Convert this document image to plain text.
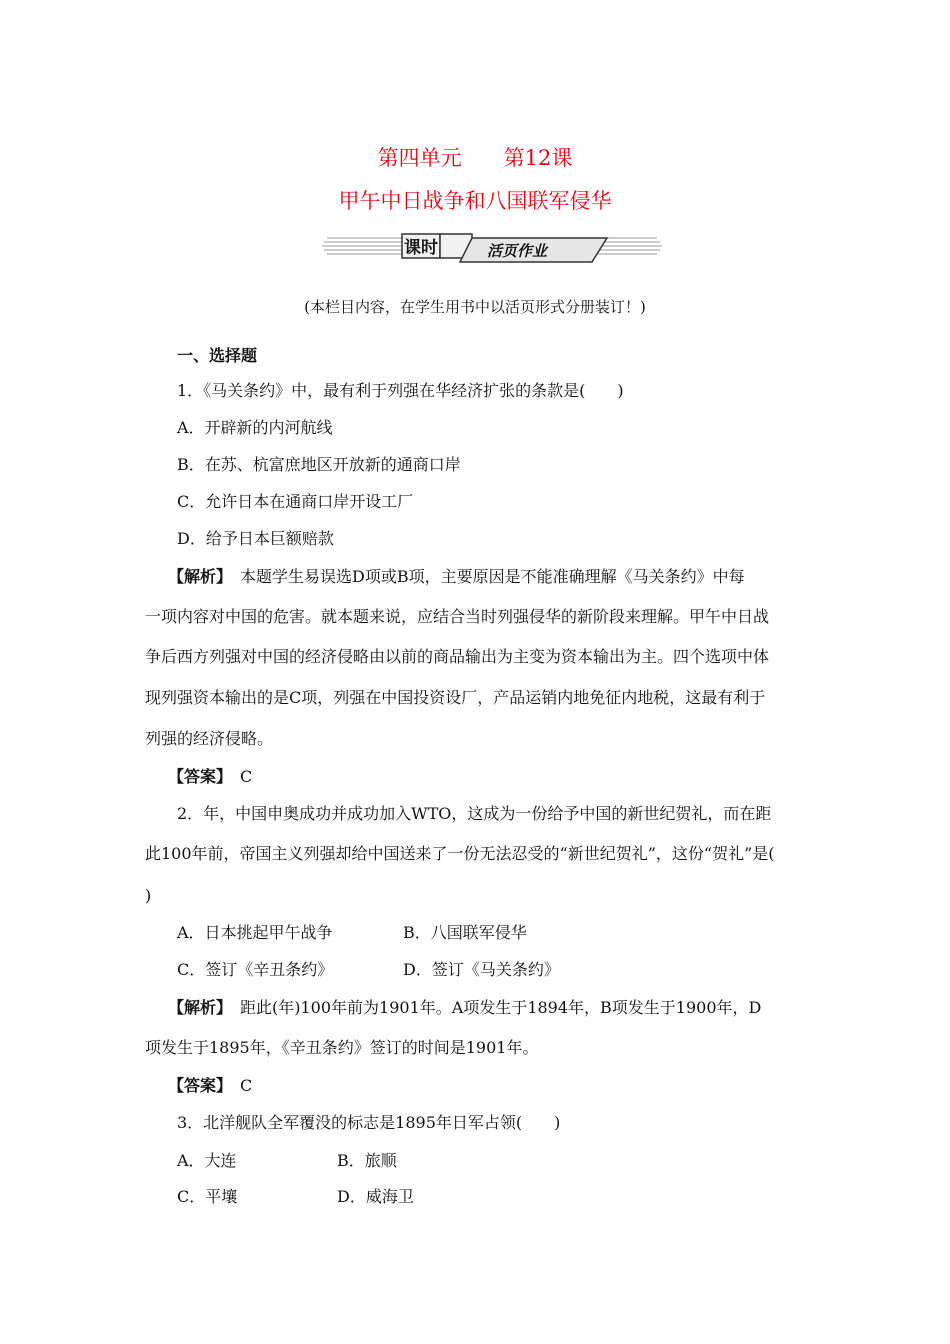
第四单元　　第12课
甲午中日战争和八国联军侵华
课时	活页作业
(本栏目内容，在学生用书中以活页形式分册装订！)
一、选择题
1．《马关条约》中，最有利于列强在华经济扩张的条款是(　　)
A．开辟新的内河航线
B．在苏、杭富庶地区开放新的通商口岸
C．允许日本在通商口岸开设工厂
D．给予日本巨额赔款
【解析】　本题学生易误选D项或B项，主要原因是不能准确理解《马关条约》中每
一项内容对中国的危害。就本题来说，应结合当时列强侵华的新阶段来理解。甲午中日战
争后西方列强对中国的经济侵略由以前的商品输出为主变为资本输出为主。四个选项中体
现列强资本输出的是C项，列强在中国投资设厂，产品运销内地免征内地税，这最有利于
列强的经济侵略。
【答案】　C
2．年，中国申奥成功并成功加入WTO，这成为一份给予中国的新世纪贺礼，而在距
此100年前，帝国主义列强却给中国送来了一份无法忍受的“新世纪贺礼”，这份“贺礼”是(
)
A．日本挑起甲午战争	B．八国联军侵华
C．签订《辛丑条约》	D．签订《马关条约》
【解析】　距此(年)100年前为1901年。A项发生于1894年，B项发生于1900年，D
项发生于1895年，《辛丑条约》签订的时间是1901年。
【答案】　C
3．北洋舰队全军覆没的标志是1895年日军占领(　　)
A．大连	B．旅顺
C．平壤	D．威海卫
